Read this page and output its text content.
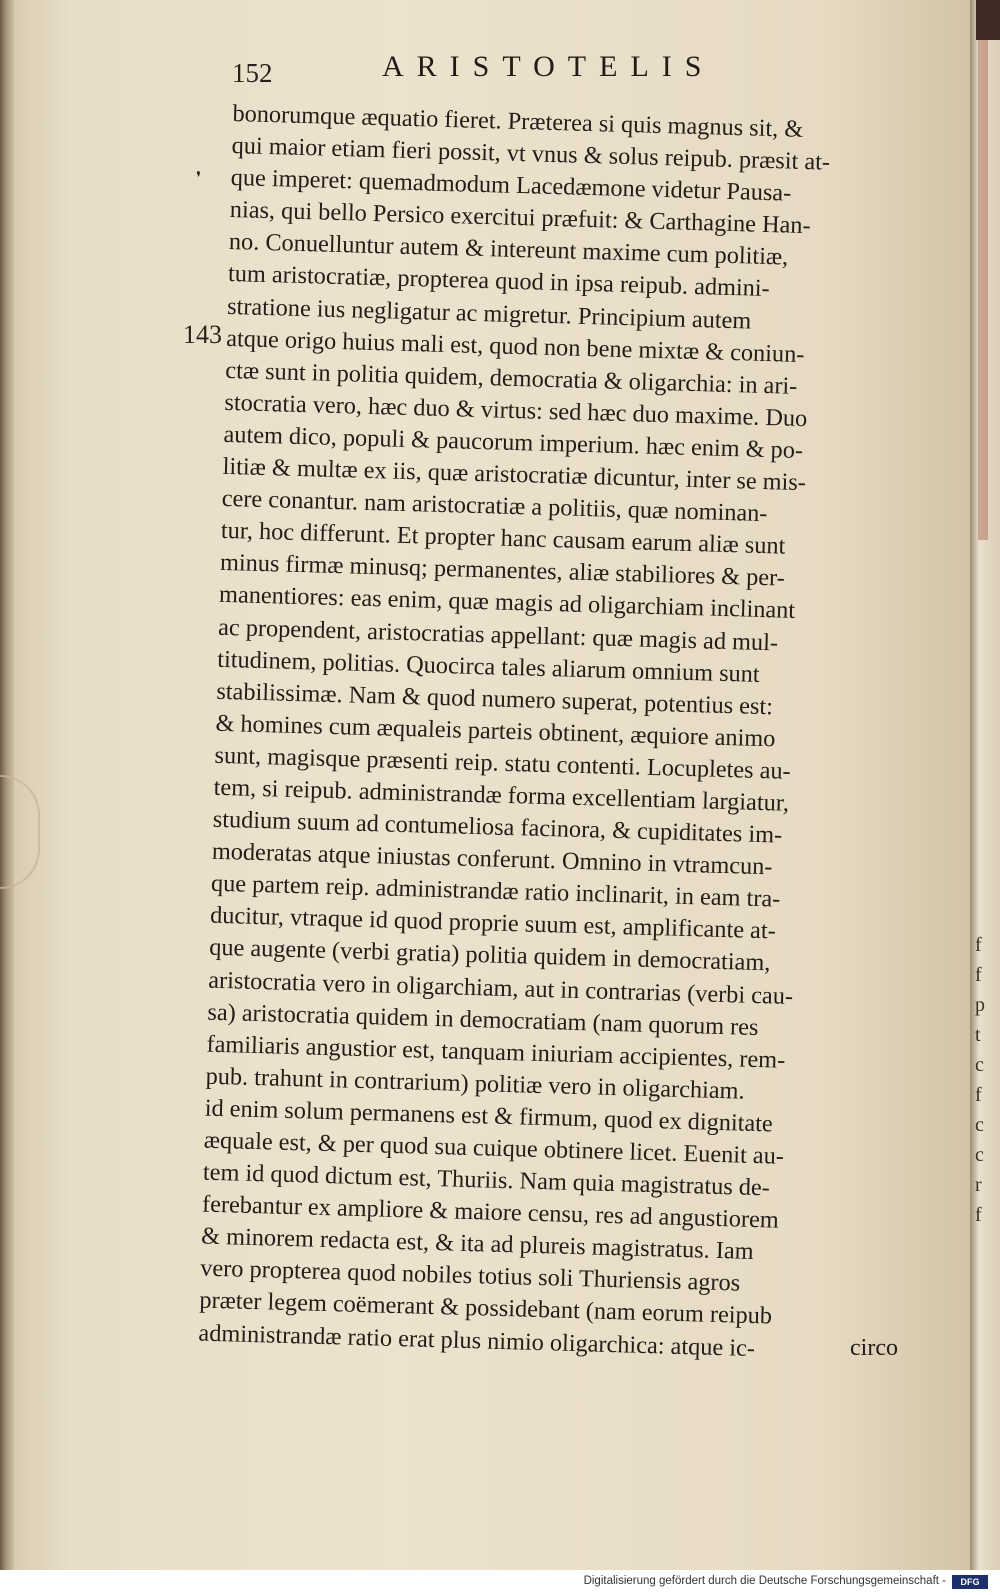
f
f
p
t
c
f
c
c
r
f
152	ARISTOTELIS
❜
143
bonorumque æquatio fieret. Præterea si quis magnus sit, &
qui maior etiam fieri possit, vt vnus & solus reipub. præsit at-
que imperet: quemadmodum Lacedæmone videtur Pausa-
nias, qui bello Persico exercitui præfuit: & Carthagine Han-
no. Conuelluntur autem & intereunt maxime cum politiæ,
tum aristocratiæ, propterea quod in ipsa reipub. admini-
stratione ius negligatur ac migretur. Principium autem
atque origo huius mali est, quod non bene mixtæ & coniun-
ctæ sunt in politia quidem, democratia & oligarchia: in ari-
stocratia vero, hæc duo & virtus: sed hæc duo maxime. Duo
autem dico, populi & paucorum imperium. hæc enim & po-
litiæ & multæ ex iis, quæ aristocratiæ dicuntur, inter se mis-
cere conantur. nam aristocratiæ a politiis, quæ nominan-
tur, hoc differunt. Et propter hanc causam earum aliæ sunt
minus firmæ minusq; permanentes, aliæ stabiliores & per-
manentiores: eas enim, quæ magis ad oligarchiam inclinant
ac propendent, aristocratias appellant: quæ magis ad mul-
titudinem, politias. Quocirca tales aliarum omnium sunt
stabilissimæ. Nam & quod numero superat, potentius est:
& homines cum æqualeis parteis obtinent, æquiore animo
sunt, magisque præsenti reip. statu contenti. Locupletes au-
tem, si reipub. administrandæ forma excellentiam largiatur,
studium suum ad contumeliosa facinora, & cupiditates im-
moderatas atque iniustas conferunt. Omnino in vtramcun-
que partem reip. administrandæ ratio inclinarit, in eam tra-
ducitur, vtraque id quod proprie suum est, amplificante at-
que augente (verbi gratia) politia quidem in democratiam,
aristocratia vero in oligarchiam, aut in contrarias (verbi cau-
sa) aristocratia quidem in democratiam (nam quorum res
familiaris angustior est, tanquam iniuriam accipientes, rem-
pub. trahunt in contrarium) politiæ vero in oligarchiam.
id enim solum permanens est & firmum, quod ex dignitate
æquale est, & per quod sua cuique obtinere licet. Euenit au-
tem id quod dictum est, Thuriis. Nam quia magistratus de-
ferebantur ex ampliore & maiore censu, res ad angustiorem
& minorem redacta est, & ita ad plureis magistratus. Iam
vero propterea quod nobiles totius soli Thuriensis agros
præter legem coëmerant & possidebant (nam eorum reipub
administrandæ ratio erat plus nimio oligarchica: atque ic-	circo
Digitalisierung gefördert durch die Deutsche Forschungsgemeinschaft -	DFG
